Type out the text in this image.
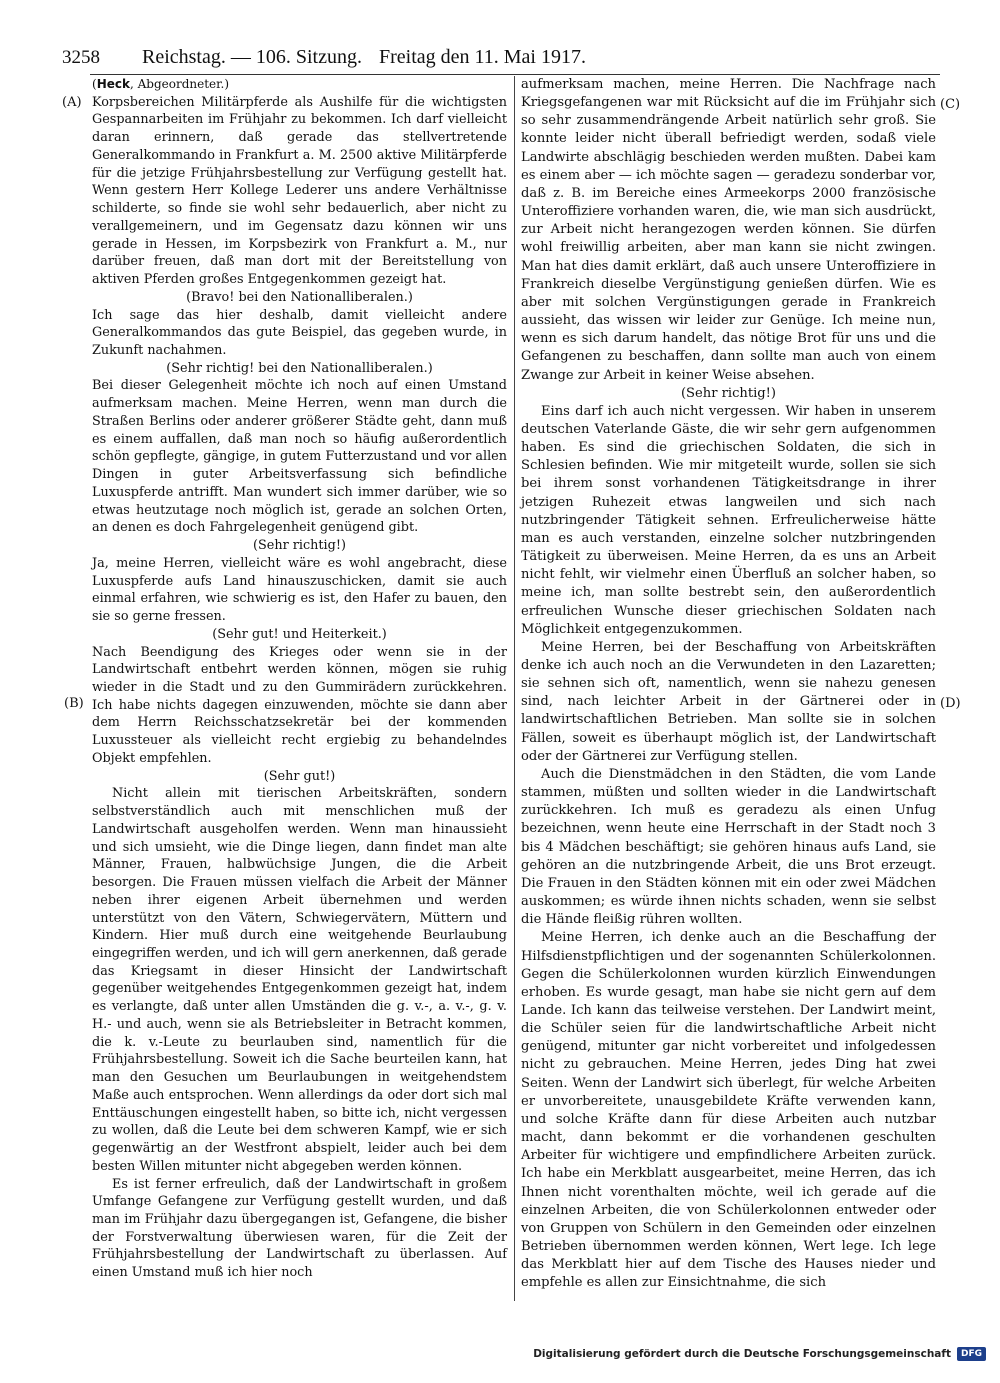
3258 Reichstag. — 106. Sitzung. Freitag den 11. Mai 1917.
(A)
(B)
(C)
(D)

(Heck, Abgeordneter.)

Korpsbereichen Militärpferde als Aushilfe für die wichtigsten Gespannarbeiten im Frühjahr zu bekommen. Ich darf vielleicht daran erinnern, daß gerade das stellvertretende Generalkommando in Frankfurt a. M. 2500 aktive Militärpferde für die jetzige Frühjahrsbestellung zur Verfügung gestellt hat. Wenn gestern Herr Kollege Lederer uns andere Verhältnisse schilderte, so finde sie wohl sehr bedauerlich, aber nicht zu verallgemeinern, und im Gegensatz dazu können wir uns gerade in Hessen, im Korpsbezirk von Frankfurt a. M., nur darüber freuen, daß man dort mit der Bereitstellung von aktiven Pferden großes Entgegenkommen gezeigt hat.

(Bravo! bei den Nationalliberalen.)

Ich sage das hier deshalb, damit vielleicht andere Generalkommandos das gute Beispiel, das gegeben wurde, in Zukunft nachahmen.

(Sehr richtig! bei den Nationalliberalen.)

Bei dieser Gelegenheit möchte ich noch auf einen Umstand aufmerksam machen. Meine Herren, wenn man durch die Straßen Berlins oder anderer größerer Städte geht, dann muß es einem auffallen, daß man noch so häufig außerordentlich schön gepflegte, gängige, in gutem Futterzustand und vor allen Dingen in guter Arbeitsverfassung sich befindliche Luxuspferde antrifft. Man wundert sich immer darüber, wie so etwas heutzutage noch möglich ist, gerade an solchen Orten, an denen es doch Fahrgelegenheit genügend gibt.

(Sehr richtig!)

Ja, meine Herren, vielleicht wäre es wohl angebracht, diese Luxuspferde aufs Land hinauszuschicken, damit sie auch einmal erfahren, wie schwierig es ist, den Hafer zu bauen, den sie so gerne fressen.

(Sehr gut! und Heiterkeit.)

Nach Beendigung des Krieges oder wenn sie in der Landwirtschaft entbehrt werden können, mögen sie ruhig wieder in die Stadt und zu den Gummirädern zurückkehren. Ich habe nichts dagegen einzuwenden, möchte sie dann aber dem Herrn Reichsschatzsekretär bei der kommenden Luxussteuer als vielleicht recht ergiebig zu behandelndes Objekt empfehlen.

(Sehr gut!)

Nicht allein mit tierischen Arbeitskräften, sondern selbstverständlich auch mit menschlichen muß der Landwirtschaft ausgeholfen werden. Wenn man hinaussieht und sich umsieht, wie die Dinge liegen, dann findet man alte Männer, Frauen, halbwüchsige Jungen, die die Arbeit besorgen. Die Frauen müssen vielfach die Arbeit der Männer neben ihrer eigenen Arbeit übernehmen und werden unterstützt von den Vätern, Schwiegervätern, Müttern und Kindern. Hier muß durch eine weitgehende Beurlaubung eingegriffen werden, und ich will gern anerkennen, daß gerade das Kriegsamt in dieser Hinsicht der Landwirtschaft gegenüber weitgehendes Entgegenkommen gezeigt hat, indem es verlangte, daß unter allen Umständen die g. v.-, a. v.-, g. v. H.- und auch, wenn sie als Betriebsleiter in Betracht kommen, die k. v.-Leute zu beurlauben sind, namentlich für die Frühjahrsbestellung. Soweit ich die Sache beurteilen kann, hat man den Gesuchen um Beurlaubungen in weitgehendstem Maße auch entsprochen. Wenn allerdings da oder dort sich mal Enttäuschungen eingestellt haben, so bitte ich, nicht vergessen zu wollen, daß die Leute bei dem schweren Kampf, wie er sich gegenwärtig an der Westfront abspielt, leider auch bei dem besten Willen mitunter nicht abgegeben werden können.

Es ist ferner erfreulich, daß der Landwirtschaft in großem Umfange Gefangene zur Verfügung gestellt wurden, und daß man im Frühjahr dazu übergegangen ist, Gefangene, die bisher der Forstverwaltung überwiesen waren, für die Zeit der Frühjahrsbestellung der Landwirtschaft zu überlassen. Auf einen Umstand muß ich hier noch

aufmerksam machen, meine Herren. Die Nachfrage nach Kriegsgefangenen war mit Rücksicht auf die im Frühjahr sich so sehr zusammendrängende Arbeit natürlich sehr groß. Sie konnte leider nicht überall befriedigt werden, sodaß viele Landwirte abschlägig beschieden werden mußten. Dabei kam es einem aber — ich möchte sagen — geradezu sonderbar vor, daß z. B. im Bereiche eines Armeekorps 2000 französische Unteroffiziere vorhanden waren, die, wie man sich ausdrückt, zur Arbeit nicht herangezogen werden können. Sie dürfen wohl freiwillig arbeiten, aber man kann sie nicht zwingen. Man hat dies damit erklärt, daß auch unsere Unteroffiziere in Frankreich dieselbe Vergünstigung genießen dürfen. Wie es aber mit solchen Vergünstigungen gerade in Frankreich aussieht, das wissen wir leider zur Genüge. Ich meine nun, wenn es sich darum handelt, das nötige Brot für uns und die Gefangenen zu beschaffen, dann sollte man auch von einem Zwange zur Arbeit in keiner Weise absehen.

(Sehr richtig!)

Eins darf ich auch nicht vergessen. Wir haben in unserem deutschen Vaterlande Gäste, die wir sehr gern aufgenommen haben. Es sind die griechischen Soldaten, die sich in Schlesien befinden. Wie mir mitgeteilt wurde, sollen sie sich bei ihrem sonst vorhandenen Tätigkeitsdrange in ihrer jetzigen Ruhezeit etwas langweilen und sich nach nutzbringender Tätigkeit sehnen. Erfreulicherweise hätte man es auch verstanden, einzelne solcher nutzbringenden Tätigkeit zu überweisen. Meine Herren, da es uns an Arbeit nicht fehlt, wir vielmehr einen Überfluß an solcher haben, so meine ich, man sollte bestrebt sein, den außerordentlich erfreulichen Wunsche dieser griechischen Soldaten nach Möglichkeit entgegenzukommen.

Meine Herren, bei der Beschaffung von Arbeitskräften denke ich auch noch an die Verwundeten in den Lazaretten; sie sehnen sich oft, namentlich, wenn sie nahezu genesen sind, nach leichter Arbeit in der Gärtnerei oder in landwirtschaftlichen Betrieben. Man sollte sie in solchen Fällen, soweit es überhaupt möglich ist, der Landwirtschaft oder der Gärtnerei zur Verfügung stellen.

Auch die Dienstmädchen in den Städten, die vom Lande stammen, müßten und sollten wieder in die Landwirtschaft zurückkehren. Ich muß es geradezu als einen Unfug bezeichnen, wenn heute eine Herrschaft in der Stadt noch 3 bis 4 Mädchen beschäftigt; sie gehören hinaus aufs Land, sie gehören an die nutzbringende Arbeit, die uns Brot erzeugt. Die Frauen in den Städten können mit ein oder zwei Mädchen auskommen; es würde ihnen nichts schaden, wenn sie selbst die Hände fleißig rühren wollten.

Meine Herren, ich denke auch an die Beschaffung der Hilfsdienstpflichtigen und der sogenannten Schülerkolonnen. Gegen die Schülerkolonnen wurden kürzlich Einwendungen erhoben. Es wurde gesagt, man habe sie nicht gern auf dem Lande. Ich kann das teilweise verstehen. Der Landwirt meint, die Schüler seien für die landwirtschaftliche Arbeit nicht genügend, mitunter gar nicht vorbereitet und infolgedessen nicht zu gebrauchen. Meine Herren, jedes Ding hat zwei Seiten. Wenn der Landwirt sich überlegt, für welche Arbeiten er unvorbereitete, unausgebildete Kräfte verwenden kann, und solche Kräfte dann für diese Arbeiten auch nutzbar macht, dann bekommt er die vorhandenen geschulten Arbeiter für wichtigere und empfindlichere Arbeiten zurück. Ich habe ein Merkblatt ausgearbeitet, meine Herren, das ich Ihnen nicht vorenthalten möchte, weil ich gerade auf die einzelnen Arbeiten, die von Schülerkolonnen entweder oder von Gruppen von Schülern in den Gemeinden oder einzelnen Betrieben übernommen werden können, Wert lege. Ich lege das Merkblatt hier auf dem Tische des Hauses nieder und empfehle es allen zur Einsichtnahme, die sich

Digitalisierung gefördert durch die Deutsche Forschungsgemeinschaft	DFG
